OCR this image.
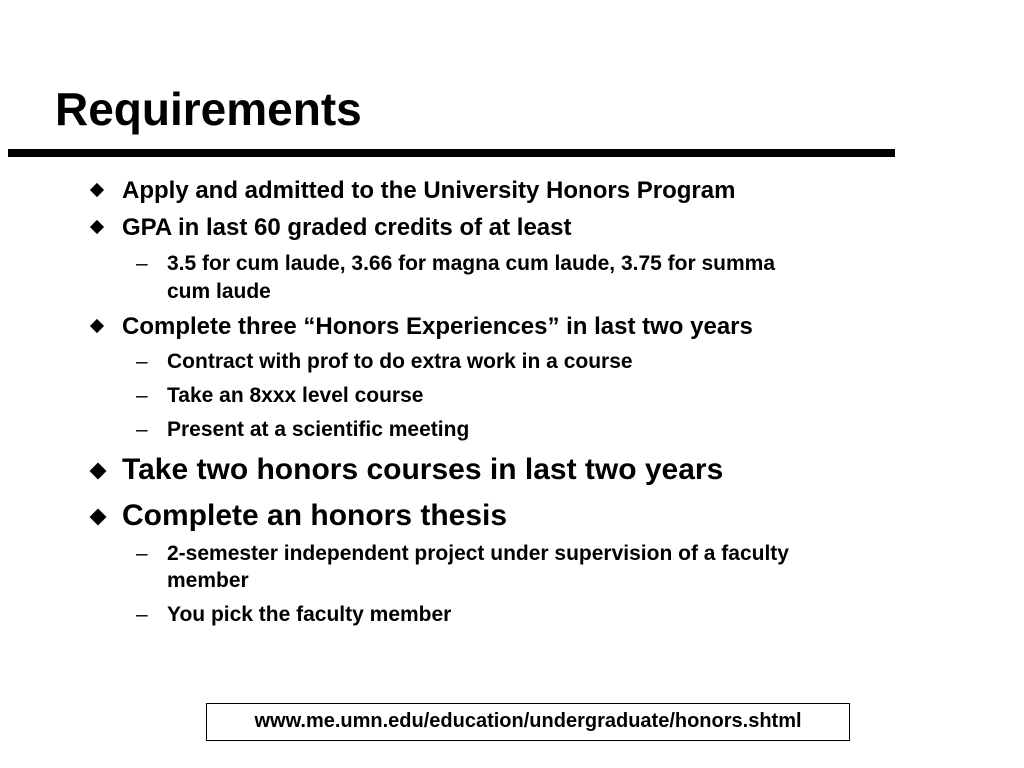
Requirements
Apply and admitted to the University Honors Program
GPA in last 60 graded credits of at least
– 3.5 for cum laude, 3.66 for magna cum laude, 3.75 for summa
cum laude
Complete three “Honors Experiences” in last two years
– Contract with prof to do extra work in a course
– Take an 8xxx level course
– Present at a scientific meeting
Take two honors courses in last two years
Complete an honors thesis
– 2-semester independent project under supervision of a faculty
member
– You pick the faculty member
www.me.umn.edu/education/undergraduate/honors.shtml
